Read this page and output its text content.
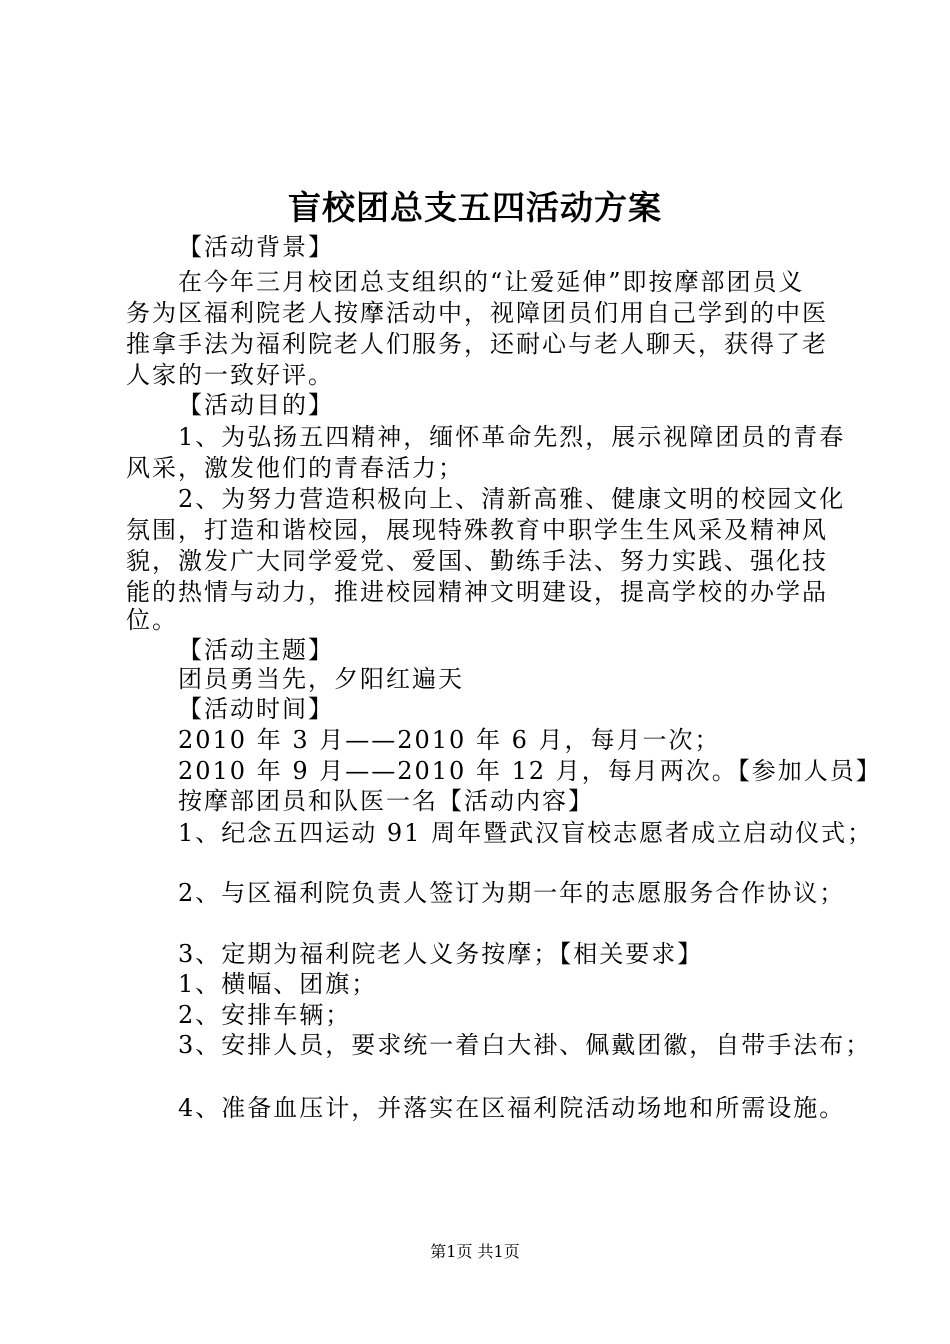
盲校团总支五四活动方案
【活动背景】
在今年三月校团总支组织的“让爱延伸”即按摩部团员义
务为区福利院老人按摩活动中，视障团员们用自己学到的中医
推拿手法为福利院老人们服务，还耐心与老人聊天，获得了老
人家的一致好评。
【活动目的】
1、为弘扬五四精神，缅怀革命先烈，展示视障团员的青春
风采，激发他们的青春活力；
2、为努力营造积极向上、清新高雅、健康文明的校园文化
氛围，打造和谐校园，展现特殊教育中职学生生风采及精神风
貌，激发广大同学爱党、爱国、勤练手法、努力实践、强化技
能的热情与动力，推进校园精神文明建设，提高学校的办学品
位。
【活动主题】
团员勇当先，夕阳红遍天
【活动时间】
2010 年 3 月——2010 年 6 月，每月一次；
2010 年 9 月——2010 年 12 月，每月两次。【参加人员】
按摩部团员和队医一名【活动内容】
1、纪念五四运动 91 周年暨武汉盲校志愿者成立启动仪式；
2、与区福利院负责人签订为期一年的志愿服务合作协议；
3、定期为福利院老人义务按摩；【相关要求】
1、横幅、团旗；
2、安排车辆；
3、安排人员，要求统一着白大褂、佩戴团徽，自带手法布；
4、准备血压计，并落实在区福利院活动场地和所需设施。
第1页 共1页
